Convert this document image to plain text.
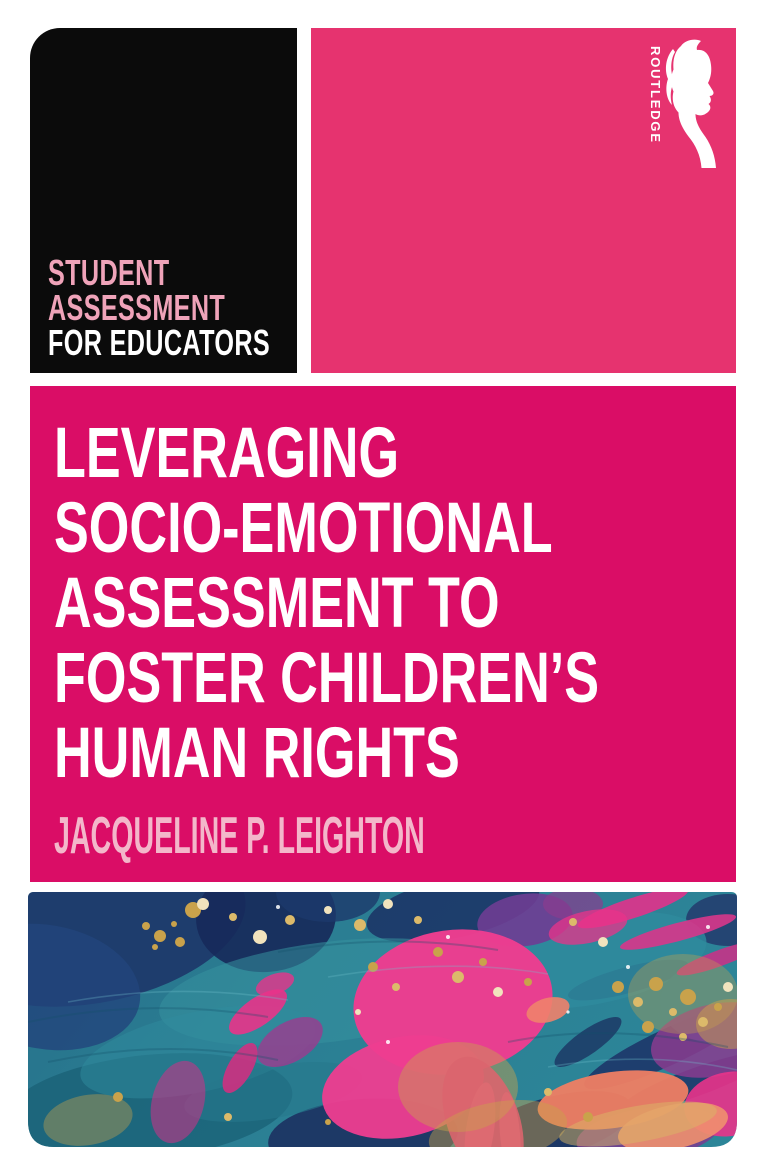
STUDENT
ASSESSMENT
FOR EDUCATORS
ROUTLEDGE
LEVERAGING
SOCIO-EMOTIONAL
ASSESSMENT TO
FOSTER CHILDREN’S
HUMAN RIGHTS
JACQUELINE P. LEIGHTON
